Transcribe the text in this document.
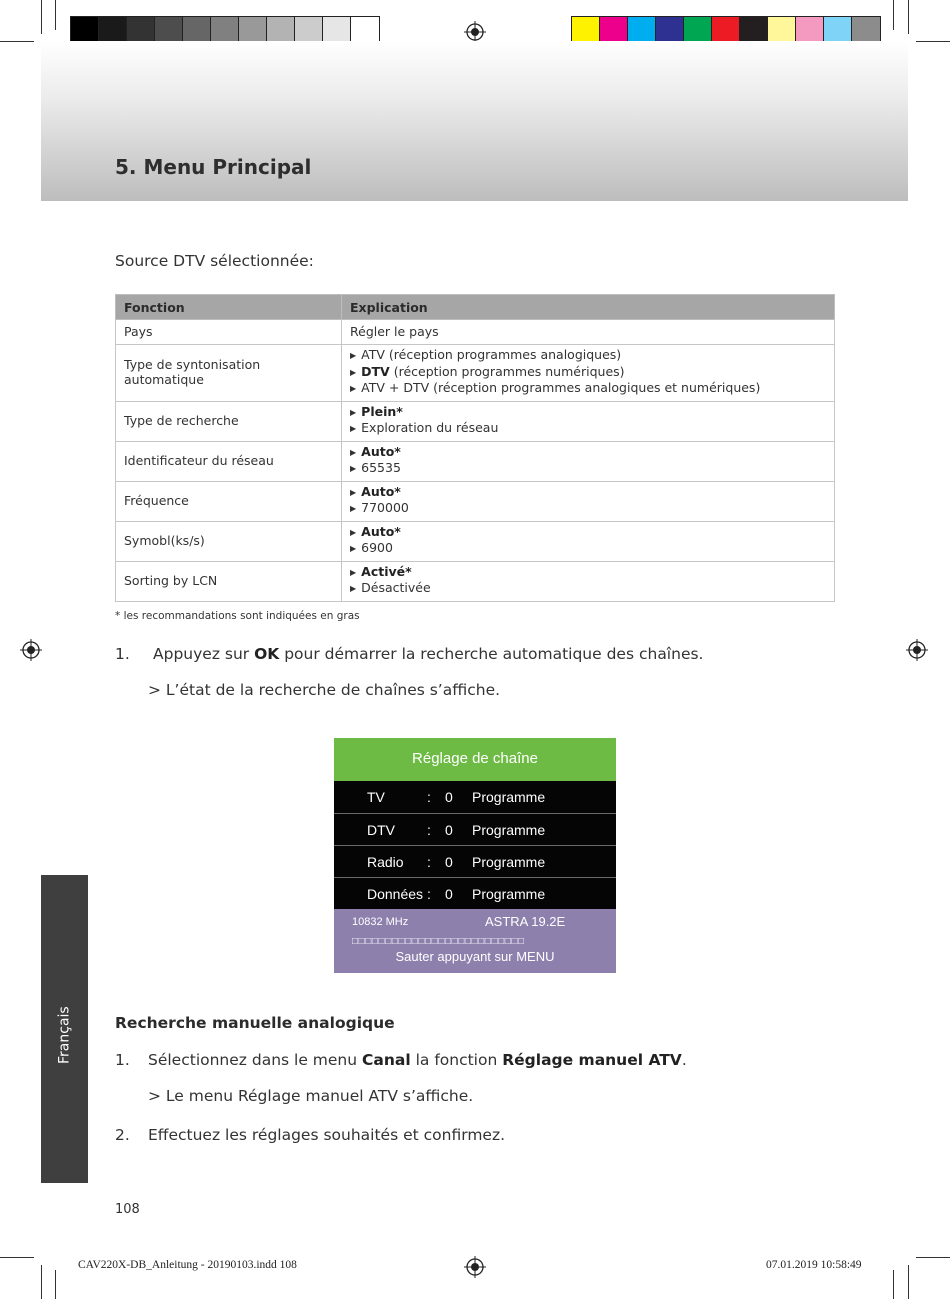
5. Menu Principal
Source DTV sélectionnée:
Fonction	Explication
Pays	Régler le pays
Type de syntonisation automatique	▶ ATV (réception programmes analogiques)
▶ DTV (réception programmes numériques)
▶ ATV + DTV (réception programmes analogiques et numériques)

Type de recherche	▶ Plein*
▶ Exploration du réseau

Identificateur du réseau	▶ Auto*
▶ 65535

Fréquence	▶ Auto*
▶ 770000

Symobl(ks/s)	▶ Auto*
▶ 6900

Sorting by LCN	▶ Activé*
▶ Désactivée
* les recommandations sont indiquées en gras
1. Appuyez sur OK pour démarrer la recherche automatique des chaînes.
> L’état de la recherche de chaînes s’affiche.
Réglage de chaîne
TV	: 0 Programme
DTV : 0 Programme
Radio : 0 Programme
Données : 0 Programme
10832 MHz	ASTRA 19.2E
□□□□□□□□□□□□□□□□□□□□□□□□□□
Sauter appuyant sur MENU
Recherche manuelle analogique
1. Sélectionnez dans le menu Canal la fonction Réglage manuel ATV.
> Le menu Réglage manuel ATV s’affiche.
2. Effectuez les réglages souhaités et confirmez.
Français
108
CAV220X-DB_Anleitung - 20190103.indd 108	07.01.2019 10:58:49
